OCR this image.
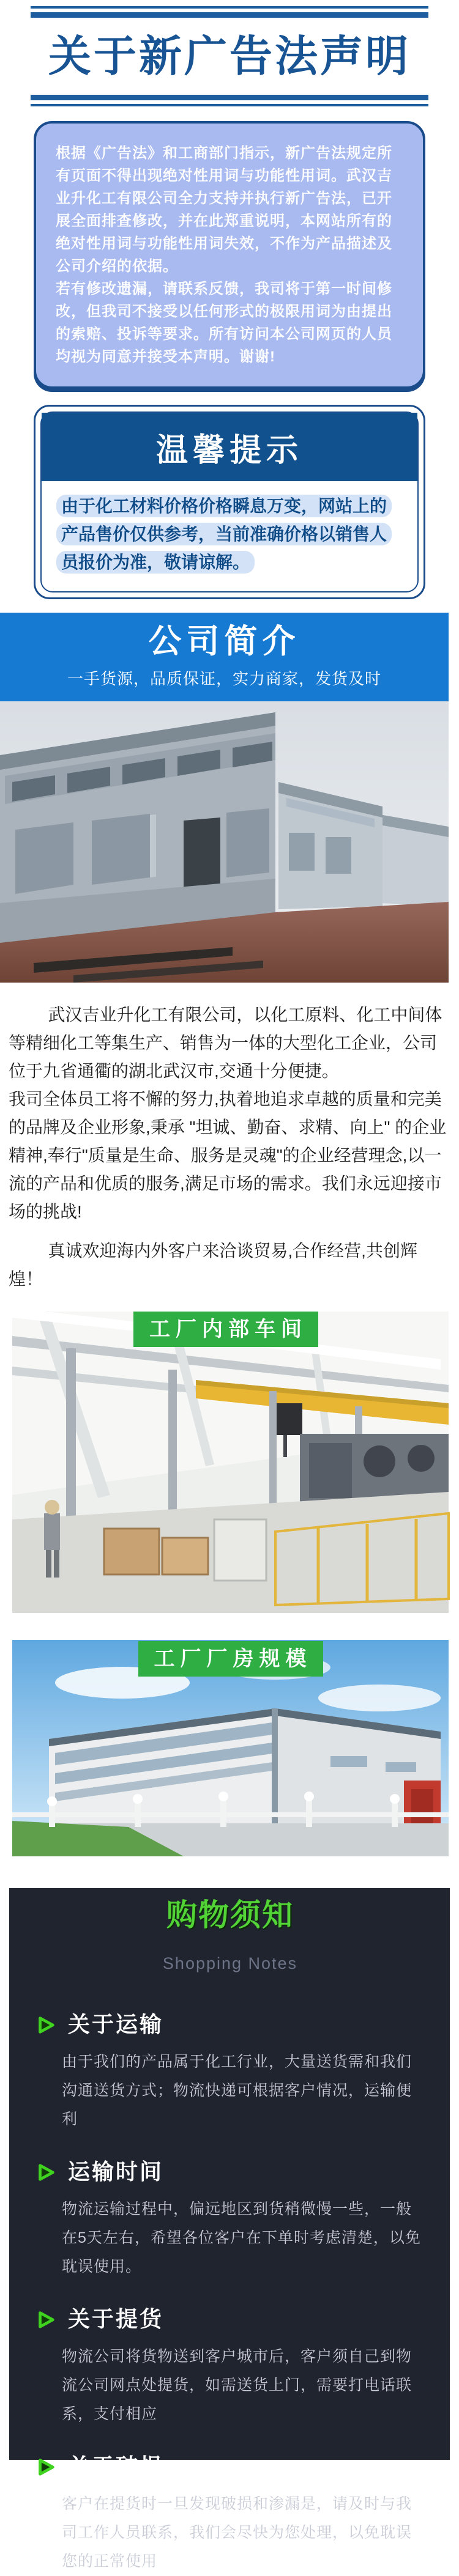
关于新广告法声明

根据《广告法》和工商部门指示，新广告法规定所有页面不得出现绝对性用词与功能性用词。武汉吉业升化工有限公司全力支持并执行新广告法，已开展全面排查修改，并在此郑重说明，本网站所有的绝对性用词与功能性用词失效，不作为产品描述及公司介绍的依据。

若有修改遗漏，请联系反馈，我司将于第一时间修改，但我司不接受以任何形式的极限用词为由提出的索赔、投诉等要求。所有访问本公司网页的人员均视为同意并接受本声明。谢谢!

温馨提示

由于化工材料价格价格瞬息万变，网站上的产品售价仅供参考，当前准确价格以销售人员报价为准，敬请谅解。

公司简介

一手货源，品质保证，实力商家，发货及时

武汉吉业升化工有限公司，以化工原料、化工中间体等精细化工等集生产、销售为一体的大型化工企业，公司位于九省通衢的湖北武汉市,交通十分便捷。

我司全体员工将不懈的努力,执着地追求卓越的质量和完美的品牌及企业形象,秉承 "坦诚、勤奋、求精、向上" 的企业精神,奉行"质量是生命、服务是灵魂"的企业经营理念,以一流的产品和优质的服务,满足市场的需求。我们永远迎接市场的挑战!

真诚欢迎海内外客户来洽谈贸易,合作经营,共创辉煌！

工厂内部车间
工厂厂房规模
购物须知
Shopping Notes
关于运输

由于我们的产品属于化工行业，大量送货需和我们沟通送货方式；物流快递可根据客户情况，运输便利

运输时间

物流运输过程中，偏远地区到货稍微慢一些，一般在5天左右，希望各位客户在下单时考虑清楚，以免耽误使用。

关于提货

物流公司将货物送到客户城市后，客户须自己到物流公司网点处提货，如需送货上门，需要打电话联系，支付相应

关于破损

客户在提货时一旦发现破损和渗漏是，请及时与我司工作人员联系，我们会尽快为您处理，以免耽误您的正常使用
